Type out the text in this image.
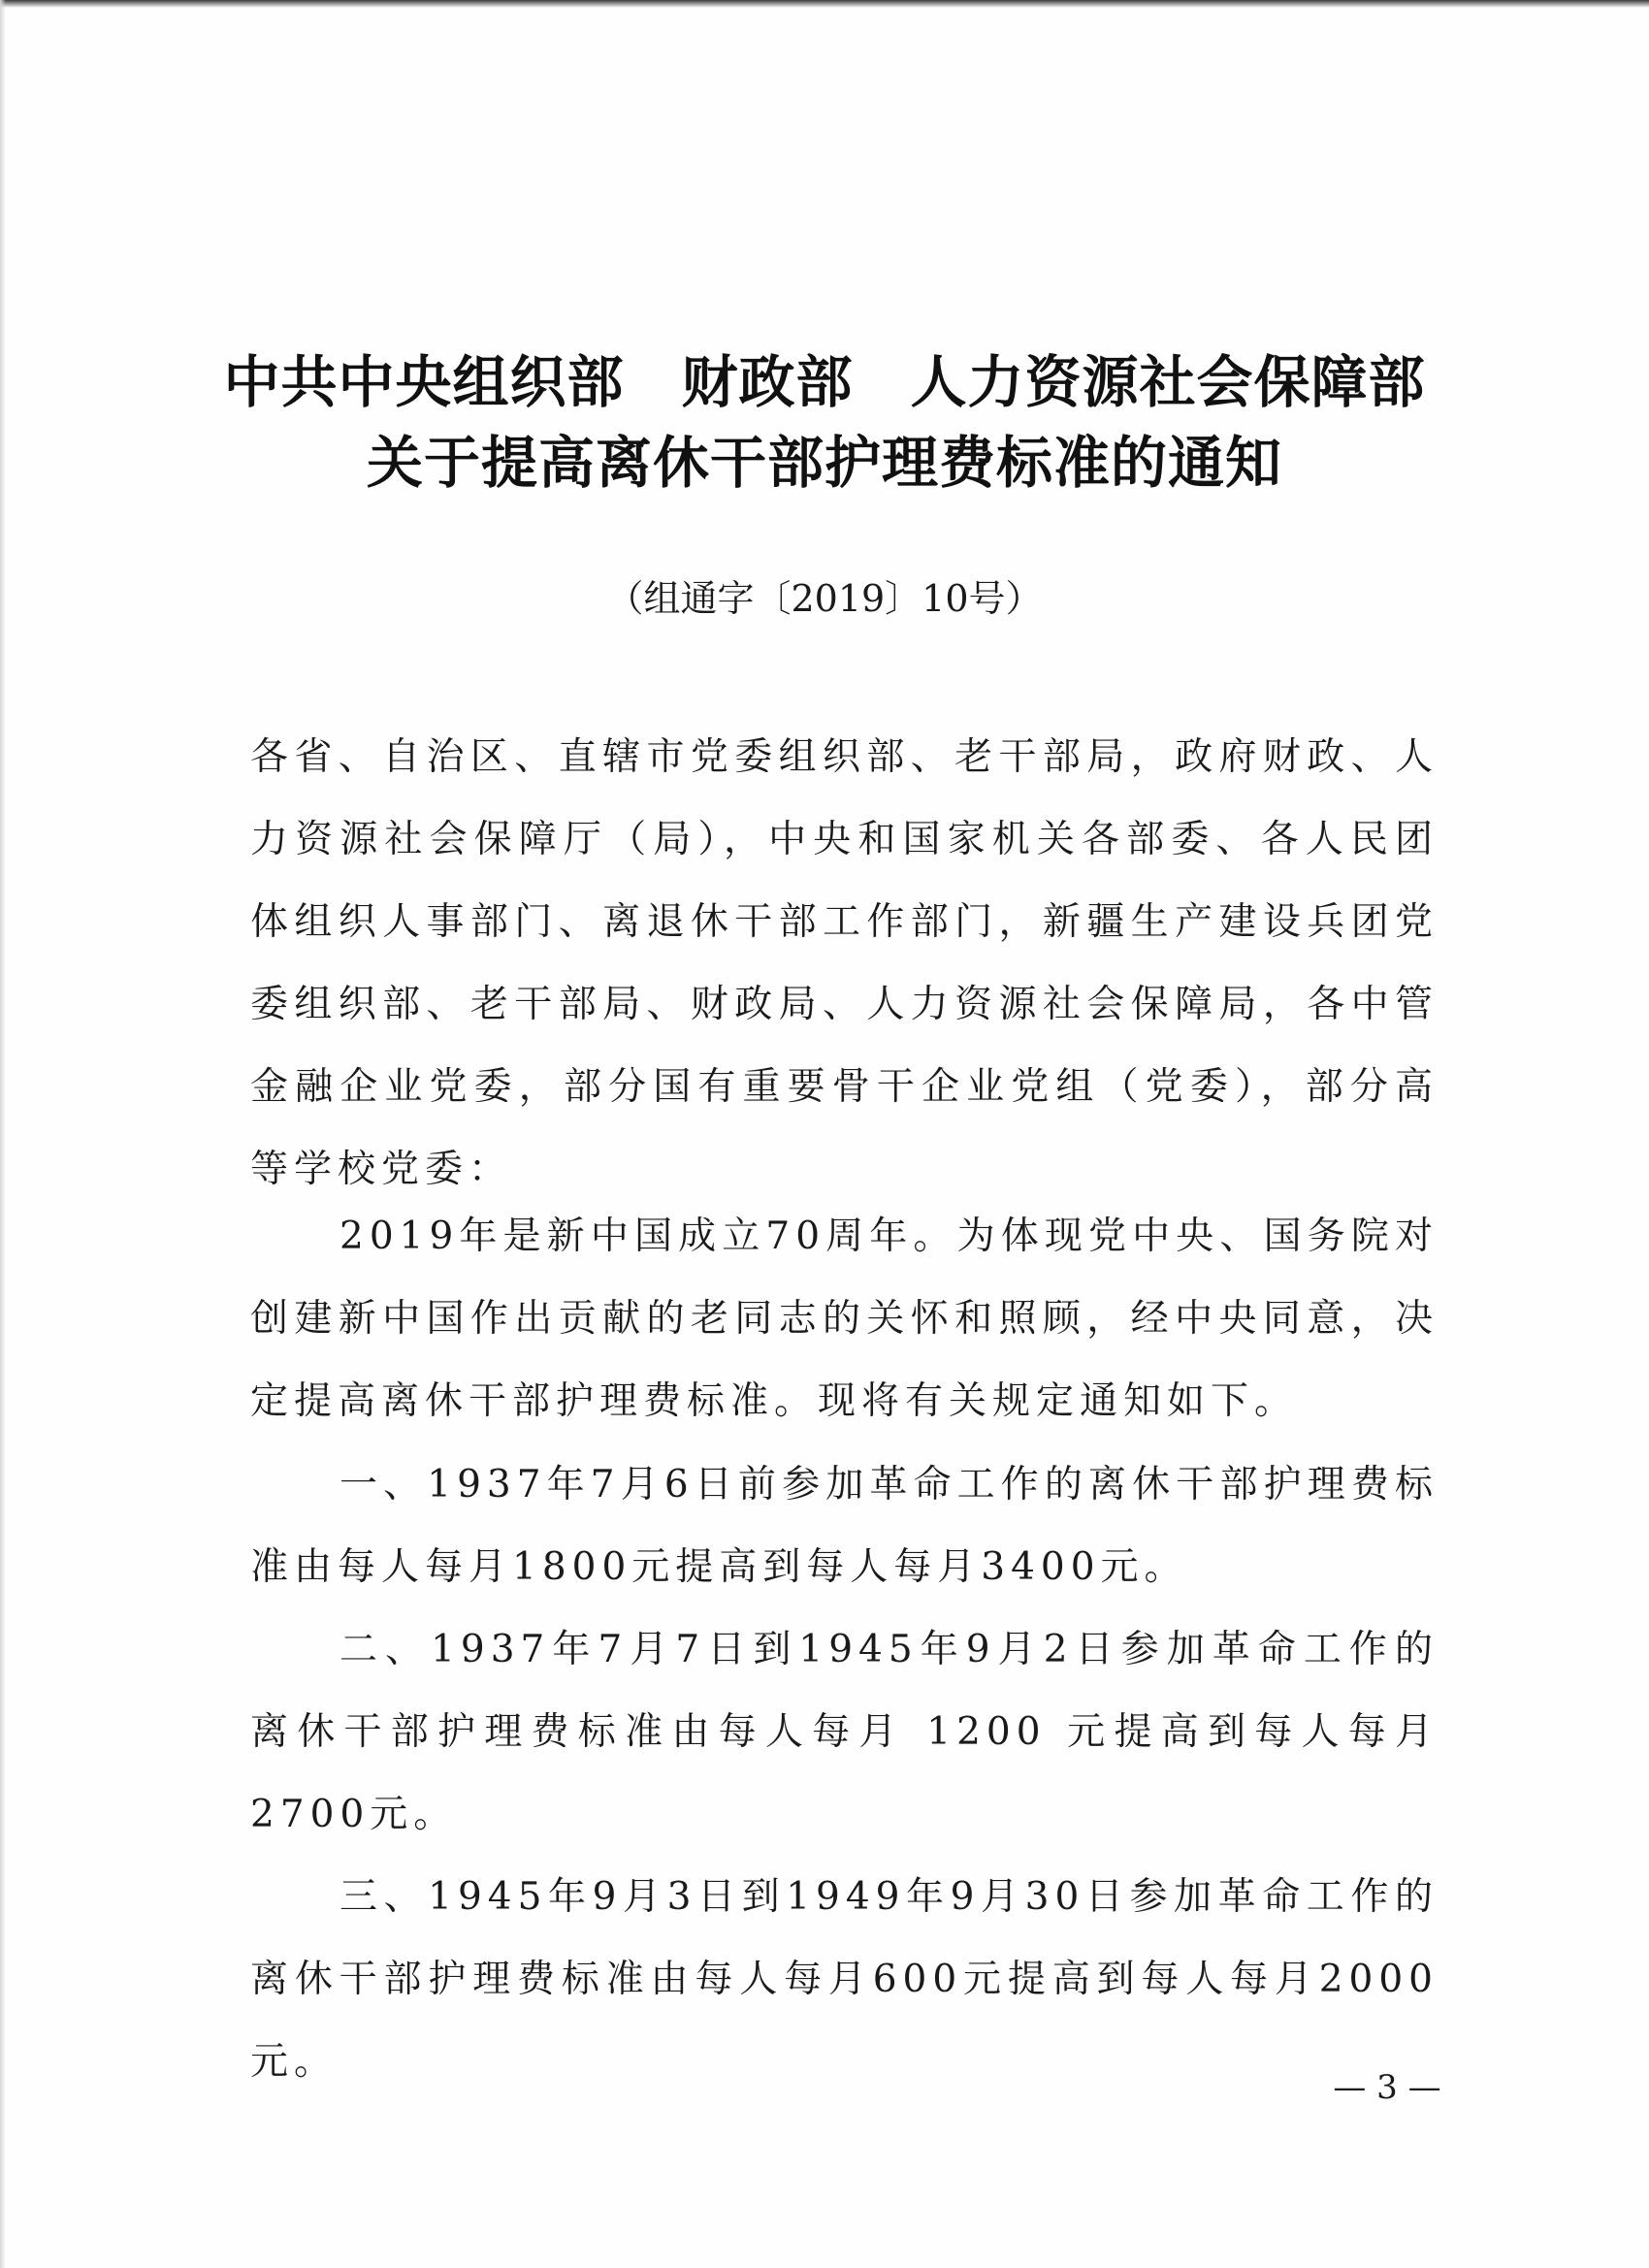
中共中央组织部　财政部　人力资源社会保障部
关于提高离休干部护理费标准的通知
（组通字〔2019〕10号）

各省、自治区、直辖市党委组织部、老干部局，政府财政、人力资源社会保障厅（局），中央和国家机关各部委、各人民团体组织人事部门、离退休干部工作部门，新疆生产建设兵团党委组织部、老干部局、财政局、人力资源社会保障局，各中管金融企业党委，部分国有重要骨干企业党组（党委），部分高等学校党委：

2019年是新中国成立70周年。为体现党中央、国务院对创建新中国作出贡献的老同志的关怀和照顾，经中央同意，决定提高离休干部护理费标准。现将有关规定通知如下。

一、1937年7月6日前参加革命工作的离休干部护理费标准由每人每月1800元提高到每人每月3400元。

二、1937年7月7日到1945年9月2日参加革命工作的离休干部护理费标准由每人每月 1200 元提高到每人每月2700元。

三、1945年9月3日到1949年9月30日参加革命工作的离休干部护理费标准由每人每月600元提高到每人每月2000元。

— 3 —
